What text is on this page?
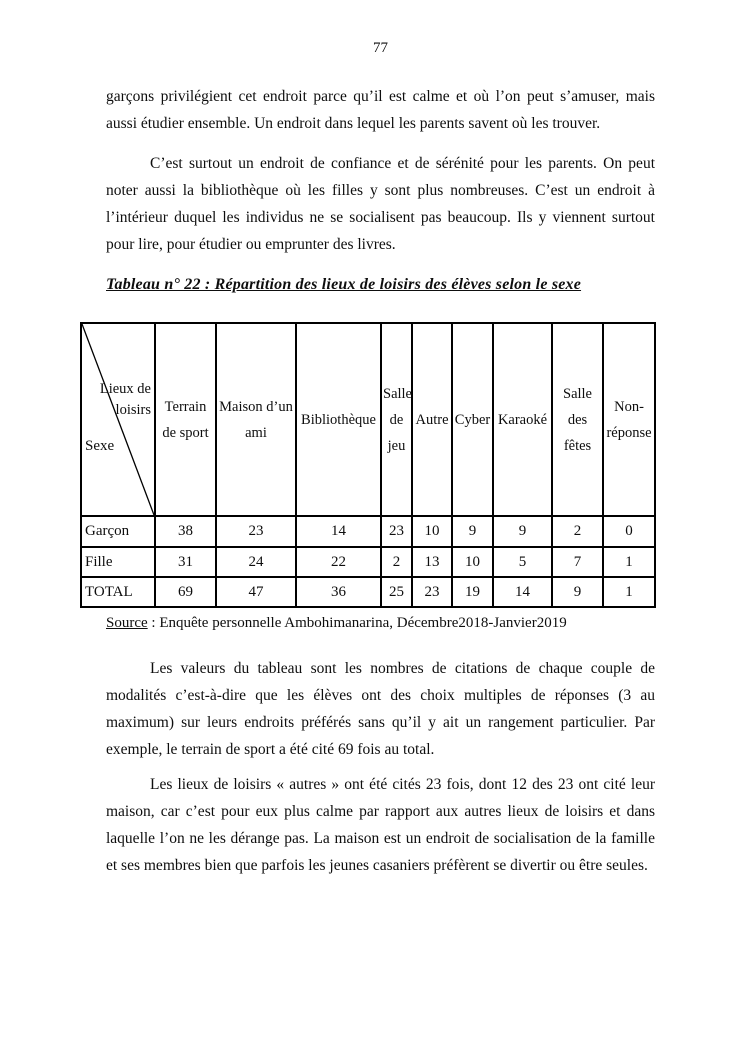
77

garçons privilégient cet endroit parce qu’il est calme et où l’on peut s’amuser, mais aussi étudier ensemble. Un endroit dans lequel les parents savent où les trouver.

C’est surtout un endroit de confiance et de sérénité pour les parents. On peut noter aussi la bibliothèque où les filles y sont plus nombreuses. C’est un endroit à l’intérieur duquel les individus ne se socialisent pas beaucoup. Ils y viennent surtout pour lire, pour étudier ou emprunter des livres.

Tableau n° 22 : Répartition des lieux de loisirs des élèves selon le sexe
Lieux de loisirs
Sexe	Terrain de sport	Maison d’un ami	Bibliothèque	Salle de jeu	Autre	Cyber	Karaoké	Salle des fêtes	Non-réponse
Garçon	38	23	14	23	10	9	9	2	0
Fille	31	24	22	2	13	10	5	7	1
TOTAL	69	47	36	25	23	19	14	9	1

Source : Enquête personnelle Ambohimanarina, Décembre2018-Janvier2019

Les valeurs du tableau sont les nombres de citations de chaque couple de modalités c’est-à-dire que les élèves ont des choix multiples de réponses (3 au maximum) sur leurs endroits préférés sans qu’il y ait un rangement particulier. Par exemple, le terrain de sport a été cité 69 fois au total.

Les lieux de loisirs « autres » ont été cités 23 fois, dont 12 des 23 ont cité leur maison, car c’est pour eux plus calme par rapport aux autres lieux de loisirs et dans laquelle l’on ne les dérange pas. La maison est un endroit de socialisation de la famille et ses membres bien que parfois les jeunes casaniers préfèrent se divertir ou être seules.
